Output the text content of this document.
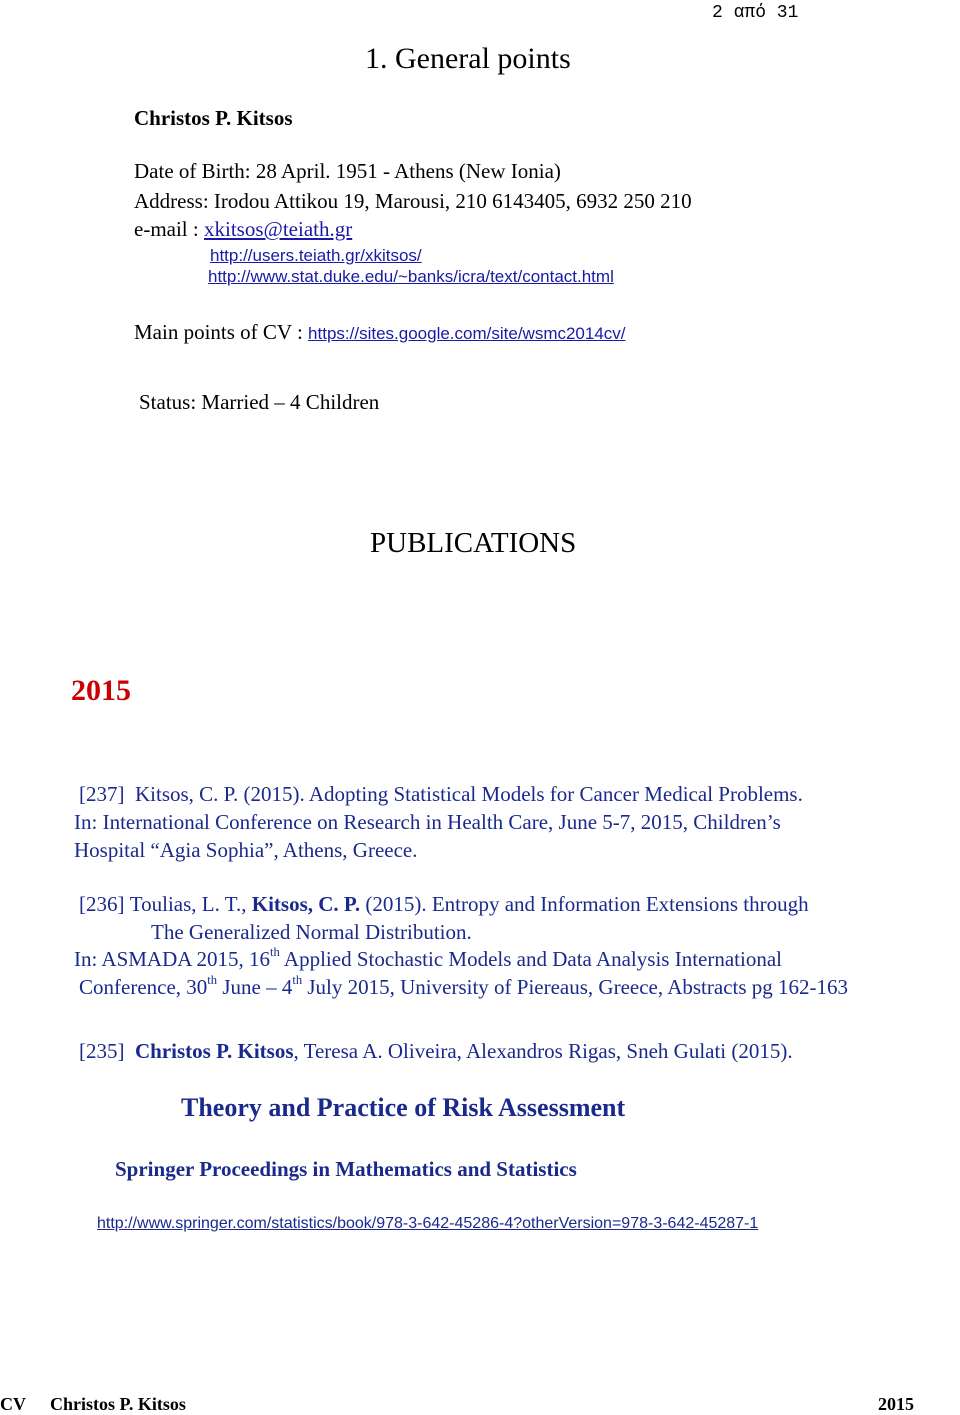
2 από 31
1. General points
Christos P. Kitsos
Date of Birth: 28 April. 1951 - Athens (New Ionia)
Address: Irodou Attikou 19, Marousi, 210 6143405, 6932 250 210
e-mail : xkitsos@teiath.gr
http://users.teiath.gr/xkitsos/
http://www.stat.duke.edu/~banks/icra/text/contact.html
Main points of CV : https://sites.google.com/site/wsmc2014cv/
Status: Married – 4 Children
PUBLICATIONS
2015
[237] Kitsos, C. P. (2015). Adopting Statistical Models for Cancer Medical Problems.
In: International Conference on Research in Health Care, June 5-7, 2015, Children’s
Hospital “Agia Sophia”, Athens, Greece.
[236] Toulias, L. T., Kitsos, C. P. (2015). Entropy and Information Extensions through
The Generalized Normal Distribution.
In: ASMADA 2015, 16th Applied Stochastic Models and Data Analysis International
Conference, 30th June – 4th July 2015, University of Piereaus, Greece, Abstracts pg 162-163
[235] Christos P. Kitsos, Teresa A. Oliveira, Alexandros Rigas, Sneh Gulati (2015).
Theory and Practice of Risk Assessment
Springer Proceedings in Mathematics and Statistics
http://www.springer.com/statistics/book/978-3-642-45286-4?otherVersion=978-3-642-45287-1
CV Christos P. Kitsos	2015
